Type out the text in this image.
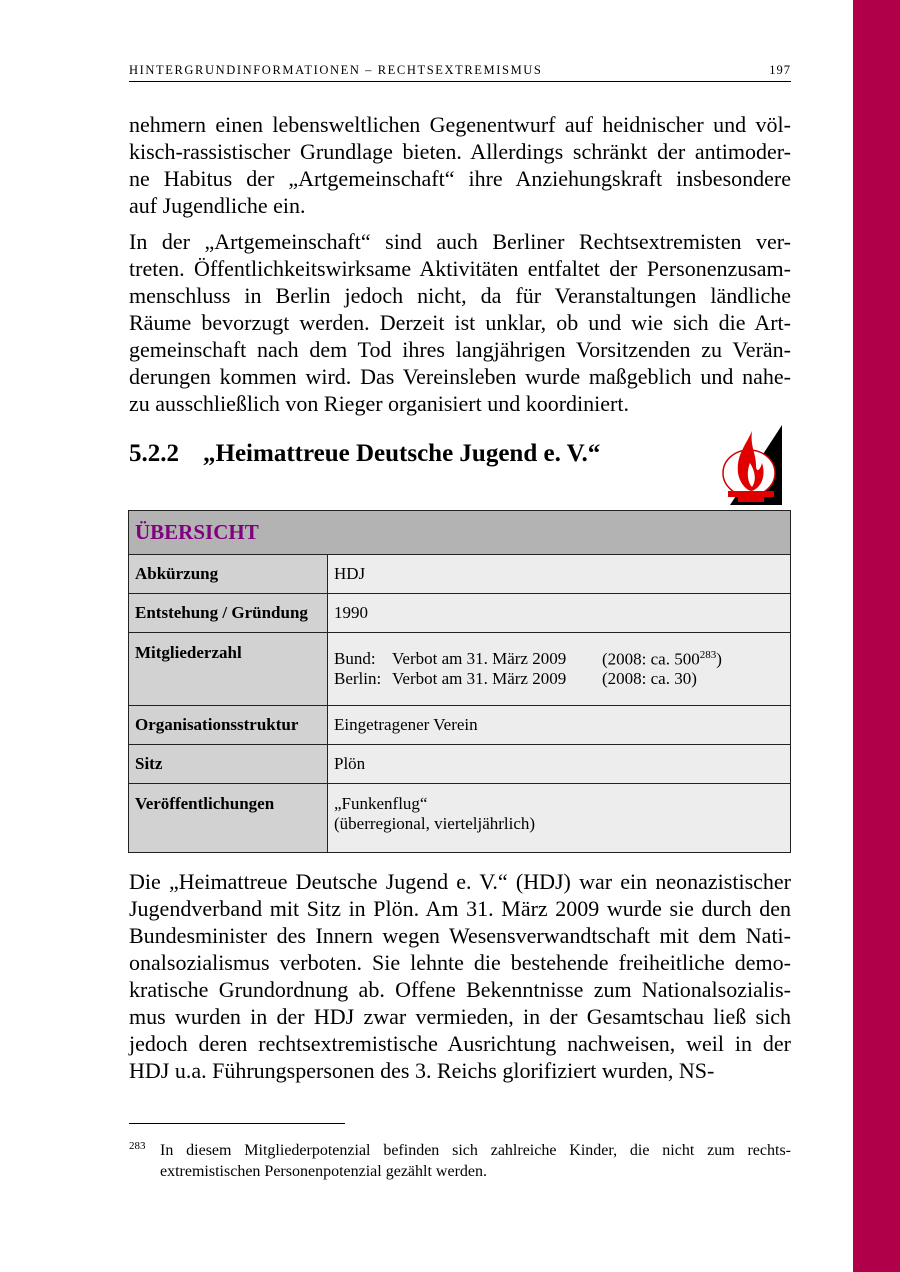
HINTERGRUNDINFORMATIONEN – RECHTSEXTREMISMUS	197
nehmern einen lebensweltlichen Gegenentwurf auf heidnischer und völ-
kisch-rassistischer Grundlage bieten. Allerdings schränkt der antimoder-
ne Habitus der „Artgemeinschaft“ ihre Anziehungskraft insbesondere
auf Jugendliche ein.
In der „Artgemeinschaft“ sind auch Berliner Rechtsextremisten ver-
treten. Öffentlichkeitswirksame Aktivitäten entfaltet der Personenzusam-
menschluss in Berlin jedoch nicht, da für Veranstaltungen ländliche
Räume bevorzugt werden. Derzeit ist unklar, ob und wie sich die Art-
gemeinschaft nach dem Tod ihres langjährigen Vorsitzenden zu Verän-
derungen kommen wird. Das Vereinsleben wurde maßgeblich und nahe-
zu ausschließlich von Rieger organisiert und koordiniert.
5.2.2 „Heimattreue Deutsche Jugend e. V.“
ÜBERSICHT	
Abkürzung	HDJ
Entstehung / Gründung	1990
Mitgliederzahl	Bund: Verbot am 31. März 2009 (2008: ca. $500^{283}$)
Berlin: Verbot am 31. März 2009 (2008: ca. 30)

Organisationsstruktur	Eingetragener Verein
Sitz	Plön
Veröffentlichungen	„Funkenflug“
(überregional, vierteljährlich)
Die „Heimattreue Deutsche Jugend e. V.“ (HDJ) war ein neonazistischer
Jugendverband mit Sitz in Plön. Am 31. März 2009 wurde sie durch den
Bundesminister des Innern wegen Wesensverwandtschaft mit dem Nati-
onalsozialismus verboten. Sie lehnte die bestehende freiheitliche demo-
kratische Grundordnung ab. Offene Bekenntnisse zum Nationalsozialis-
mus wurden in der HDJ zwar vermieden, in der Gesamtschau ließ sich
jedoch deren rechtsextremistische Ausrichtung nachweisen, weil in der
HDJ u.a. Führungspersonen des 3. Reichs glorifiziert wurden, NS-
283 In diesem Mitgliederpotenzial befinden sich zahlreiche Kinder, die nicht zum rechts-
extremistischen Personenpotenzial gezählt werden.
